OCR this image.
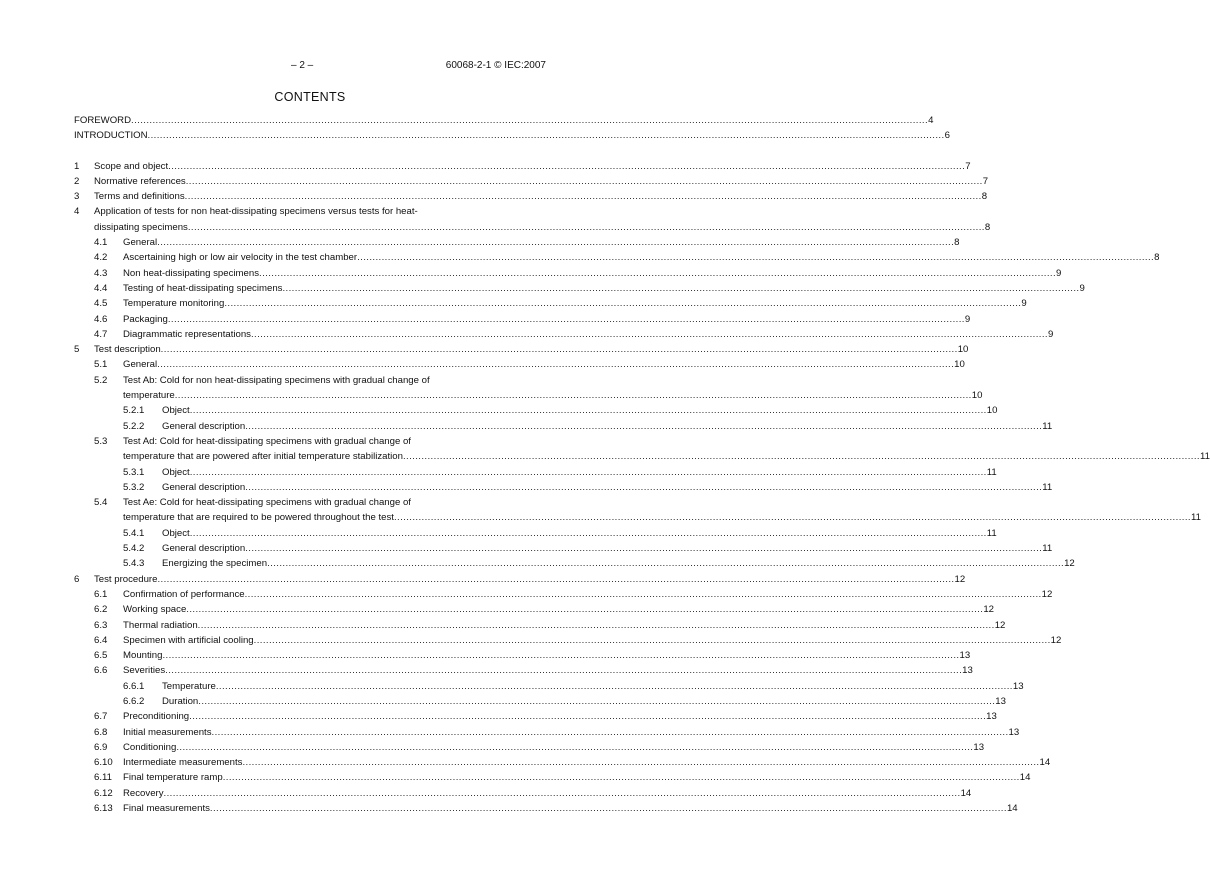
– 2 –	60068-2-1 © IEC:2007
CONTENTS
FOREWORD .....	4
INTRODUCTION .....	6
1 Scope and object .....	7
2 Normative references .....	7
3 Terms and definitions .....	8
4 Application of tests for non heat-dissipating specimens versus tests for heat-
dissipating specimens .....	8
4.1 General .....	8
4.2 Ascertaining high or low air velocity in the test chamber .....	8
4.3 Non heat-dissipating specimens .....	9
4.4 Testing of heat-dissipating specimens .....	9
4.5 Temperature monitoring .....	9
4.6 Packaging .....	9
4.7 Diagrammatic representations .....	9
5 Test description .....	10
5.1 General .....	10
5.2 Test Ab: Cold for non heat-dissipating specimens with gradual change of
temperature .....	10
5.2.1 Object .....	10
5.2.2 General description .....	11
5.3 Test Ad: Cold for heat-dissipating specimens with gradual change of
temperature that are powered after initial temperature stabilization .....	11
5.3.1 Object .....	11
5.3.2 General description .....	11
5.4 Test Ae: Cold for heat-dissipating specimens with gradual change of
temperature that are required to be powered throughout the test .....	11
5.4.1 Object .....	11
5.4.2 General description .....	11
5.4.3 Energizing the specimen .....	12
6 Test procedure .....	12
6.1 Confirmation of performance .....	12
6.2 Working space .....	12
6.3 Thermal radiation .....	12
6.4 Specimen with artificial cooling .....	12
6.5 Mounting .....	13
6.6 Severities .....	13
6.6.1 Temperature .....	13
6.6.2 Duration .....	13
6.7 Preconditioning .....	13
6.8 Initial measurements .....	13
6.9 Conditioning .....	13
6.10 Intermediate measurements .....	14
6.11 Final temperature ramp .....	14
6.12 Recovery .....	14
6.13 Final measurements .....	14
